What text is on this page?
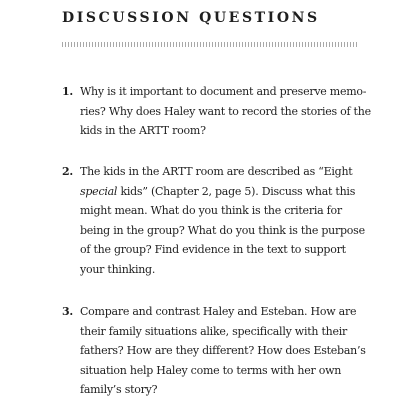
DISCUSSION QUESTIONS
1. Why is it important to document and preserve memo-
ries? Why does Haley want to record the stories of the
kids in the ARTT room?
2. The kids in the ARTT room are described as “Eight
special kids” (Chapter 2, page 5). Discuss what this
might mean. What do you think is the criteria for
being in the group? What do you think is the purpose
of the group? Find evidence in the text to support
your thinking.
3. Compare and contrast Haley and Esteban. How are
their family situations alike, specifically with their
fathers? How are they different? How does Esteban’s
situation help Haley come to terms with her own
family’s story?
